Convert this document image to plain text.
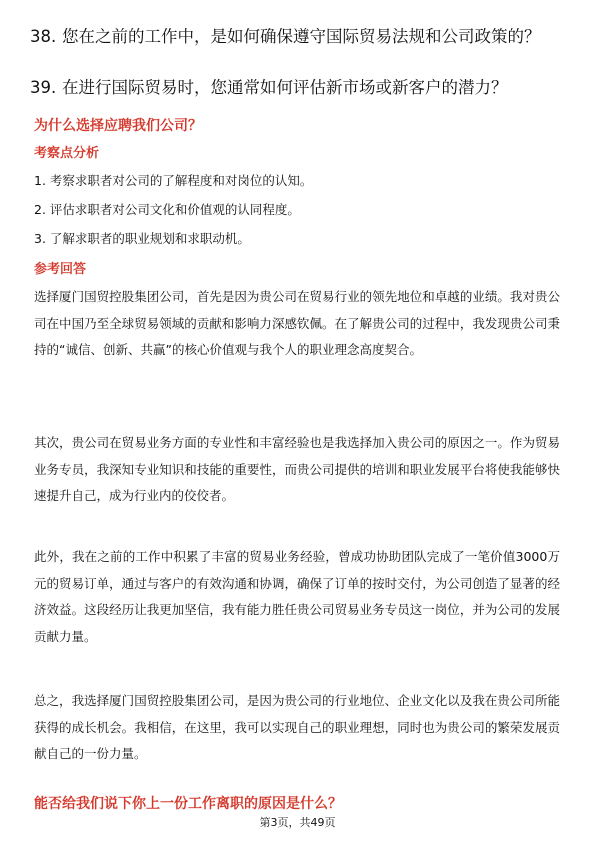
38. 您在之前的工作中，是如何确保遵守国际贸易法规和公司政策的？
39. 在进行国际贸易时，您通常如何评估新市场或新客户的潜力？
为什么选择应聘我们公司？
考察点分析
1. 考察求职者对公司的了解程度和对岗位的认知。
2. 评估求职者对公司文化和价值观的认同程度。
3. 了解求职者的职业规划和求职动机。
参考回答
选择厦门国贸控股集团公司，首先是因为贵公司在贸易行业的领先地位和卓越的业绩。我对贵公司在中国乃至全球贸易领域的贡献和影响力深感钦佩。在了解贵公司的过程中，我发现贵公司秉持的“诚信、创新、共赢”的核心价值观与我个人的职业理念高度契合。
其次，贵公司在贸易业务方面的专业性和丰富经验也是我选择加入贵公司的原因之一。作为贸易业务专员，我深知专业知识和技能的重要性，而贵公司提供的培训和职业发展平台将使我能够快速提升自己，成为行业内的佼佼者。
此外，我在之前的工作中积累了丰富的贸易业务经验，曾成功协助团队完成了一笔价值3000万元的贸易订单，通过与客户的有效沟通和协调，确保了订单的按时交付，为公司创造了显著的经济效益。这段经历让我更加坚信，我有能力胜任贵公司贸易业务专员这一岗位，并为公司的发展贡献力量。
总之，我选择厦门国贸控股集团公司，是因为贵公司的行业地位、企业文化以及我在贵公司所能获得的成长机会。我相信，在这里，我可以实现自己的职业理想，同时也为贵公司的繁荣发展贡献自己的一份力量。
能否给我们说下你上一份工作离职的原因是什么？
第3页，共49页
